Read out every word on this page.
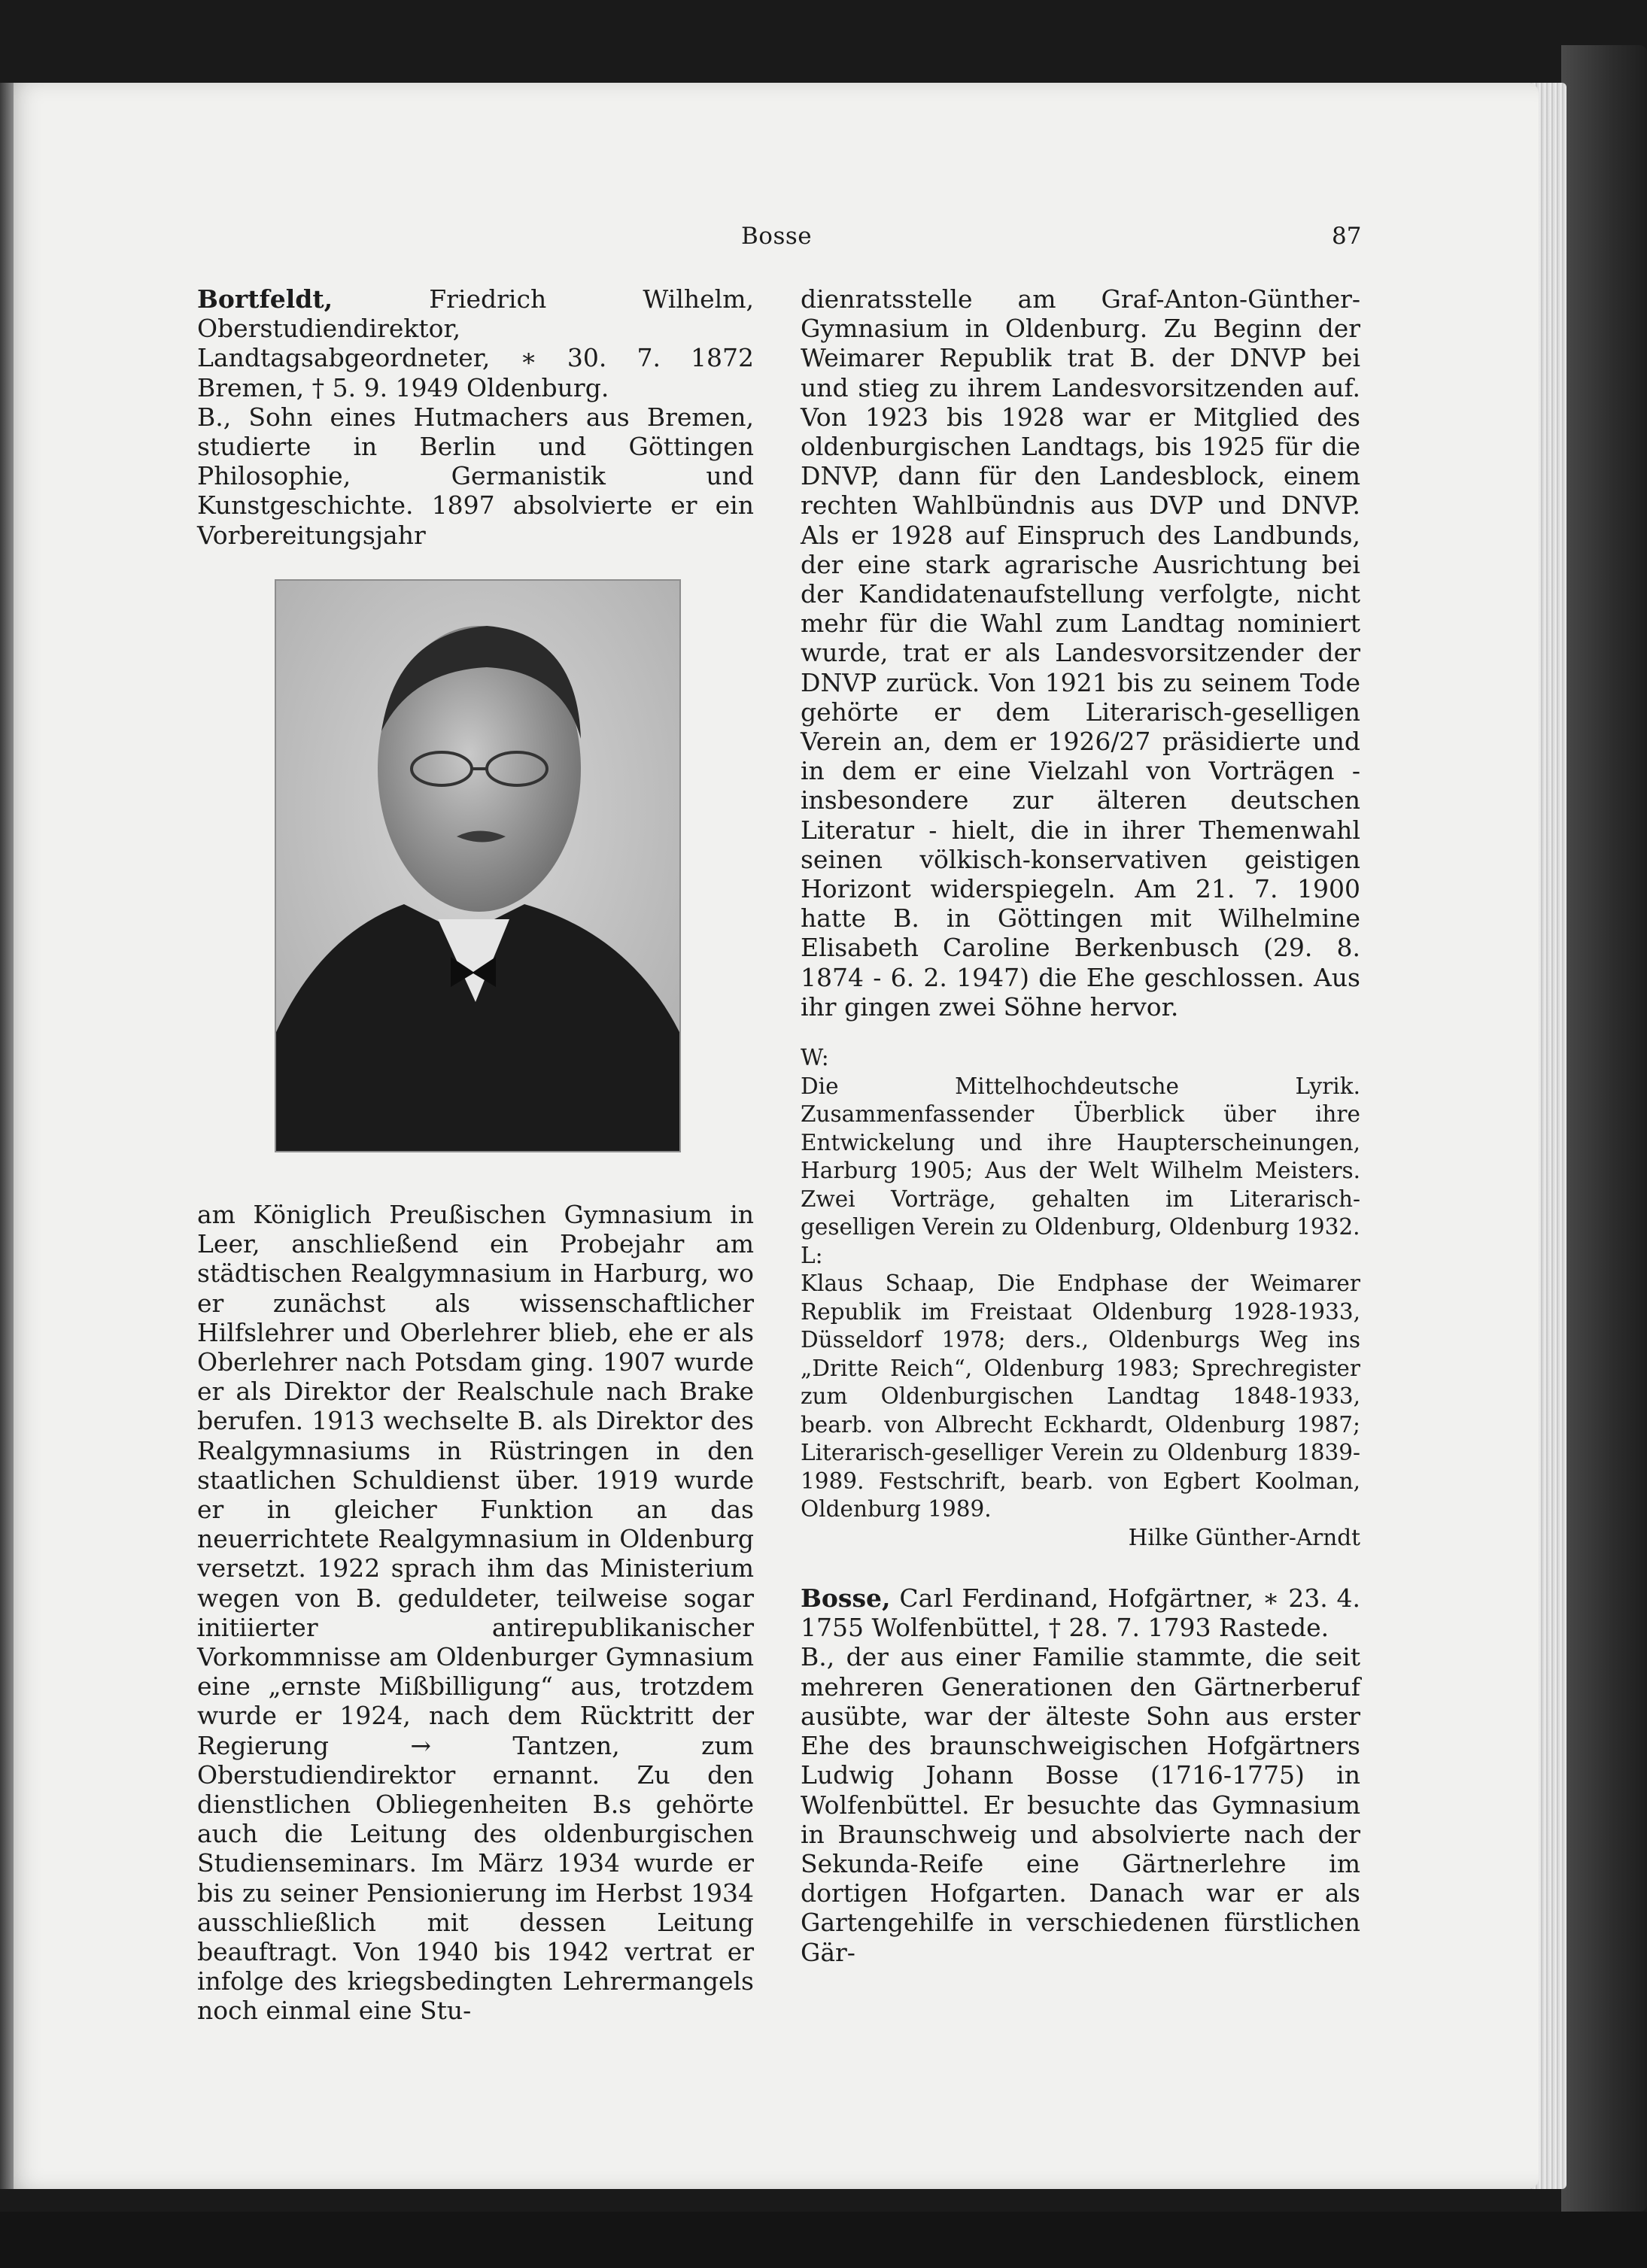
Bosse	87

Bortfeldt, Friedrich Wilhelm, Oberstudiendirektor, Landtagsabgeordneter, ∗ 30. 7. 1872 Bremen, † 5. 9. 1949 Oldenburg.

B., Sohn eines Hutmachers aus Bremen, studierte in Berlin und Göttingen Philosophie, Germanistik und Kunstgeschichte. 1897 absolvierte er ein Vorbereitungsjahr

am Königlich Preußischen Gymnasium in Leer, anschließend ein Probejahr am städtischen Realgymnasium in Harburg, wo er zunächst als wissenschaftlicher Hilfslehrer und Oberlehrer blieb, ehe er als Oberlehrer nach Potsdam ging. 1907 wurde er als Direktor der Realschule nach Brake berufen. 1913 wechselte B. als Direktor des Realgymnasiums in Rüstringen in den staatlichen Schuldienst über. 1919 wurde er in gleicher Funktion an das neuerrichtete Realgymnasium in Oldenburg versetzt. 1922 sprach ihm das Ministerium wegen von B. geduldeter, teilweise sogar initiierter antirepublikanischer Vorkommnisse am Oldenburger Gymnasium eine „ernste Mißbilligung“ aus, trotzdem wurde er 1924, nach dem Rücktritt der Regierung → Tantzen, zum Oberstudiendirektor ernannt. Zu den dienstlichen Obliegenheiten B.s gehörte auch die Leitung des oldenburgischen Studienseminars. Im März 1934 wurde er bis zu seiner Pensionierung im Herbst 1934 ausschließlich mit dessen Leitung beauftragt. Von 1940 bis 1942 vertrat er infolge des kriegsbedingten Lehrermangels noch einmal eine Stu-

dienratsstelle am Graf-Anton-Günther-Gymnasium in Oldenburg. Zu Beginn der Weimarer Republik trat B. der DNVP bei und stieg zu ihrem Landesvorsitzenden auf. Von 1923 bis 1928 war er Mitglied des oldenburgischen Landtags, bis 1925 für die DNVP, dann für den Landesblock, einem rechten Wahlbündnis aus DVP und DNVP. Als er 1928 auf Einspruch des Landbunds, der eine stark agrarische Ausrichtung bei der Kandidatenaufstellung verfolgte, nicht mehr für die Wahl zum Landtag nominiert wurde, trat er als Landesvorsitzender der DNVP zurück. Von 1921 bis zu seinem Tode gehörte er dem Literarisch-geselligen Verein an, dem er 1926/27 präsidierte und in dem er eine Vielzahl von Vorträgen - insbesondere zur älteren deutschen Literatur - hielt, die in ihrer Themenwahl seinen völkisch-konservativen geistigen Horizont widerspiegeln. Am 21. 7. 1900 hatte B. in Göttingen mit Wilhelmine Elisabeth Caroline Berkenbusch (29. 8. 1874 - 6. 2. 1947) die Ehe geschlossen. Aus ihr gingen zwei Söhne hervor.

W:

Die Mittelhochdeutsche Lyrik. Zusammenfassender Überblick über ihre Entwickelung und ihre Haupterscheinungen, Harburg 1905; Aus der Welt Wilhelm Meisters. Zwei Vorträge, gehalten im Literarisch-geselligen Verein zu Oldenburg, Oldenburg 1932.

L:

Klaus Schaap, Die Endphase der Weimarer Republik im Freistaat Oldenburg 1928-1933, Düsseldorf 1978; ders., Oldenburgs Weg ins „Dritte Reich“, Oldenburg 1983; Sprechregister zum Oldenburgischen Landtag 1848-1933, bearb. von Albrecht Eckhardt, Oldenburg 1987; Literarisch-geselliger Verein zu Oldenburg 1839-1989. Festschrift, bearb. von Egbert Koolman, Oldenburg 1989.

Hilke Günther-Arndt

Bosse, Carl Ferdinand, Hofgärtner, ∗ 23. 4. 1755 Wolfenbüttel, † 28. 7. 1793 Rastede.

B., der aus einer Familie stammte, die seit mehreren Generationen den Gärtnerberuf ausübte, war der älteste Sohn aus erster Ehe des braunschweigischen Hofgärtners Ludwig Johann Bosse (1716-1775) in Wolfenbüttel. Er besuchte das Gymnasium in Braunschweig und absolvierte nach der Sekunda-Reife eine Gärtnerlehre im dortigen Hofgarten. Danach war er als Gartengehilfe in verschiedenen fürstlichen Gär-
